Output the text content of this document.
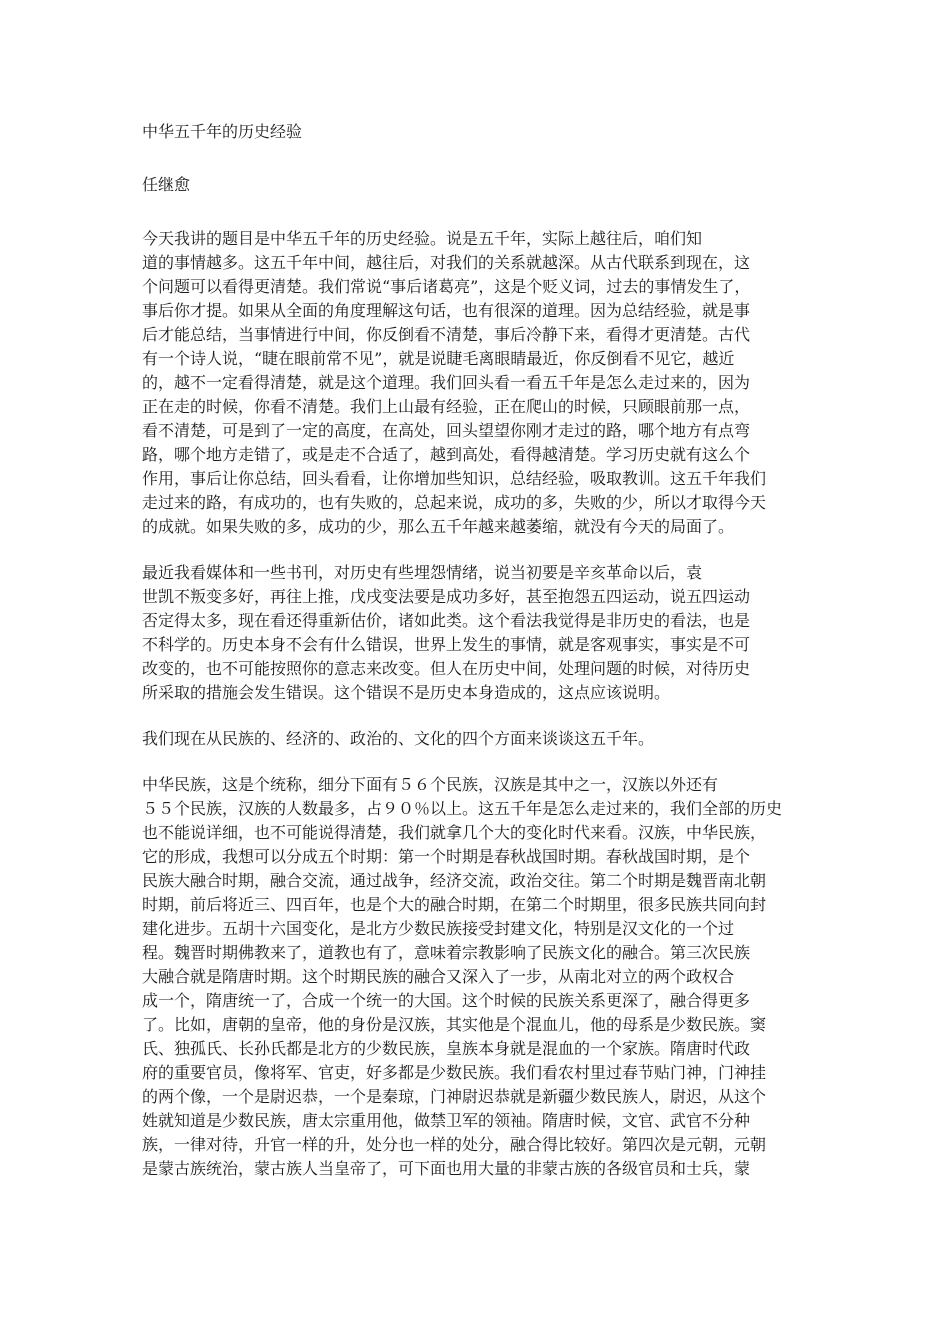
中华五千年的历史经验
任继愈
今天我讲的题目是中华五千年的历史经验。说是五千年，实际上越往后，咱们知
道的事情越多。这五千年中间，越往后，对我们的关系就越深。从古代联系到现在，这
个问题可以看得更清楚。我们常说“事后诸葛亮”，这是个贬义词，过去的事情发生了，
事后你才提。如果从全面的角度理解这句话，也有很深的道理。因为总结经验，就是事
后才能总结，当事情进行中间，你反倒看不清楚，事后冷静下来，看得才更清楚。古代
有一个诗人说，“睫在眼前常不见”，就是说睫毛离眼睛最近，你反倒看不见它，越近
的，越不一定看得清楚，就是这个道理。我们回头看一看五千年是怎么走过来的，因为
正在走的时候，你看不清楚。我们上山最有经验，正在爬山的时候，只顾眼前那一点，
看不清楚，可是到了一定的高度，在高处，回头望望你刚才走过的路，哪个地方有点弯
路，哪个地方走错了，或是走不合适了，越到高处，看得越清楚。学习历史就有这么个
作用，事后让你总结，回头看看，让你增加些知识，总结经验，吸取教训。这五千年我们
走过来的路，有成功的，也有失败的，总起来说，成功的多，失败的少，所以才取得今天
的成就。如果失败的多，成功的少，那么五千年越来越萎缩，就没有今天的局面了。
最近我看媒体和一些书刊，对历史有些埋怨情绪，说当初要是辛亥革命以后，袁
世凯不叛变多好，再往上推，戊戌变法要是成功多好，甚至抱怨五四运动，说五四运动
否定得太多，现在看还得重新估价，诸如此类。这个看法我觉得是非历史的看法，也是
不科学的。历史本身不会有什么错误，世界上发生的事情，就是客观事实，事实是不可
改变的，也不可能按照你的意志来改变。但人在历史中间，处理问题的时候，对待历史
所采取的措施会发生错误。这个错误不是历史本身造成的，这点应该说明。
我们现在从民族的、经济的、政治的、文化的四个方面来谈谈这五千年。
中华民族，这是个统称，细分下面有５６个民族，汉族是其中之一，汉族以外还有
５５个民族，汉族的人数最多，占９０％以上。这五千年是怎么走过来的，我们全部的历史
也不能说详细，也不可能说得清楚，我们就拿几个大的变化时代来看。汉族，中华民族，
它的形成，我想可以分成五个时期：第一个时期是春秋战国时期。春秋战国时期，是个
民族大融合时期，融合交流，通过战争，经济交流，政治交往。第二个时期是魏晋南北朝
时期，前后将近三、四百年，也是个大的融合时期，在第二个时期里，很多民族共同向封
建化进步。五胡十六国变化，是北方少数民族接受封建文化，特别是汉文化的一个过
程。魏晋时期佛教来了，道教也有了，意味着宗教影响了民族文化的融合。第三次民族
大融合就是隋唐时期。这个时期民族的融合又深入了一步，从南北对立的两个政权合
成一个，隋唐统一了，合成一个统一的大国。这个时候的民族关系更深了，融合得更多
了。比如，唐朝的皇帝，他的身份是汉族，其实他是个混血儿，他的母系是少数民族。窦
氏、独孤氏、长孙氏都是北方的少数民族，皇族本身就是混血的一个家族。隋唐时代政
府的重要官员，像将军、官吏，好多都是少数民族。我们看农村里过春节贴门神，门神挂
的两个像，一个是尉迟恭，一个是秦琼，门神尉迟恭就是新疆少数民族人，尉迟，从这个
姓就知道是少数民族，唐太宗重用他，做禁卫军的领袖。隋唐时候，文官、武官不分种
族，一律对待，升官一样的升，处分也一样的处分，融合得比较好。第四次是元朝，元朝
是蒙古族统治，蒙古族人当皇帝了，可下面也用大量的非蒙古族的各级官员和士兵，蒙
